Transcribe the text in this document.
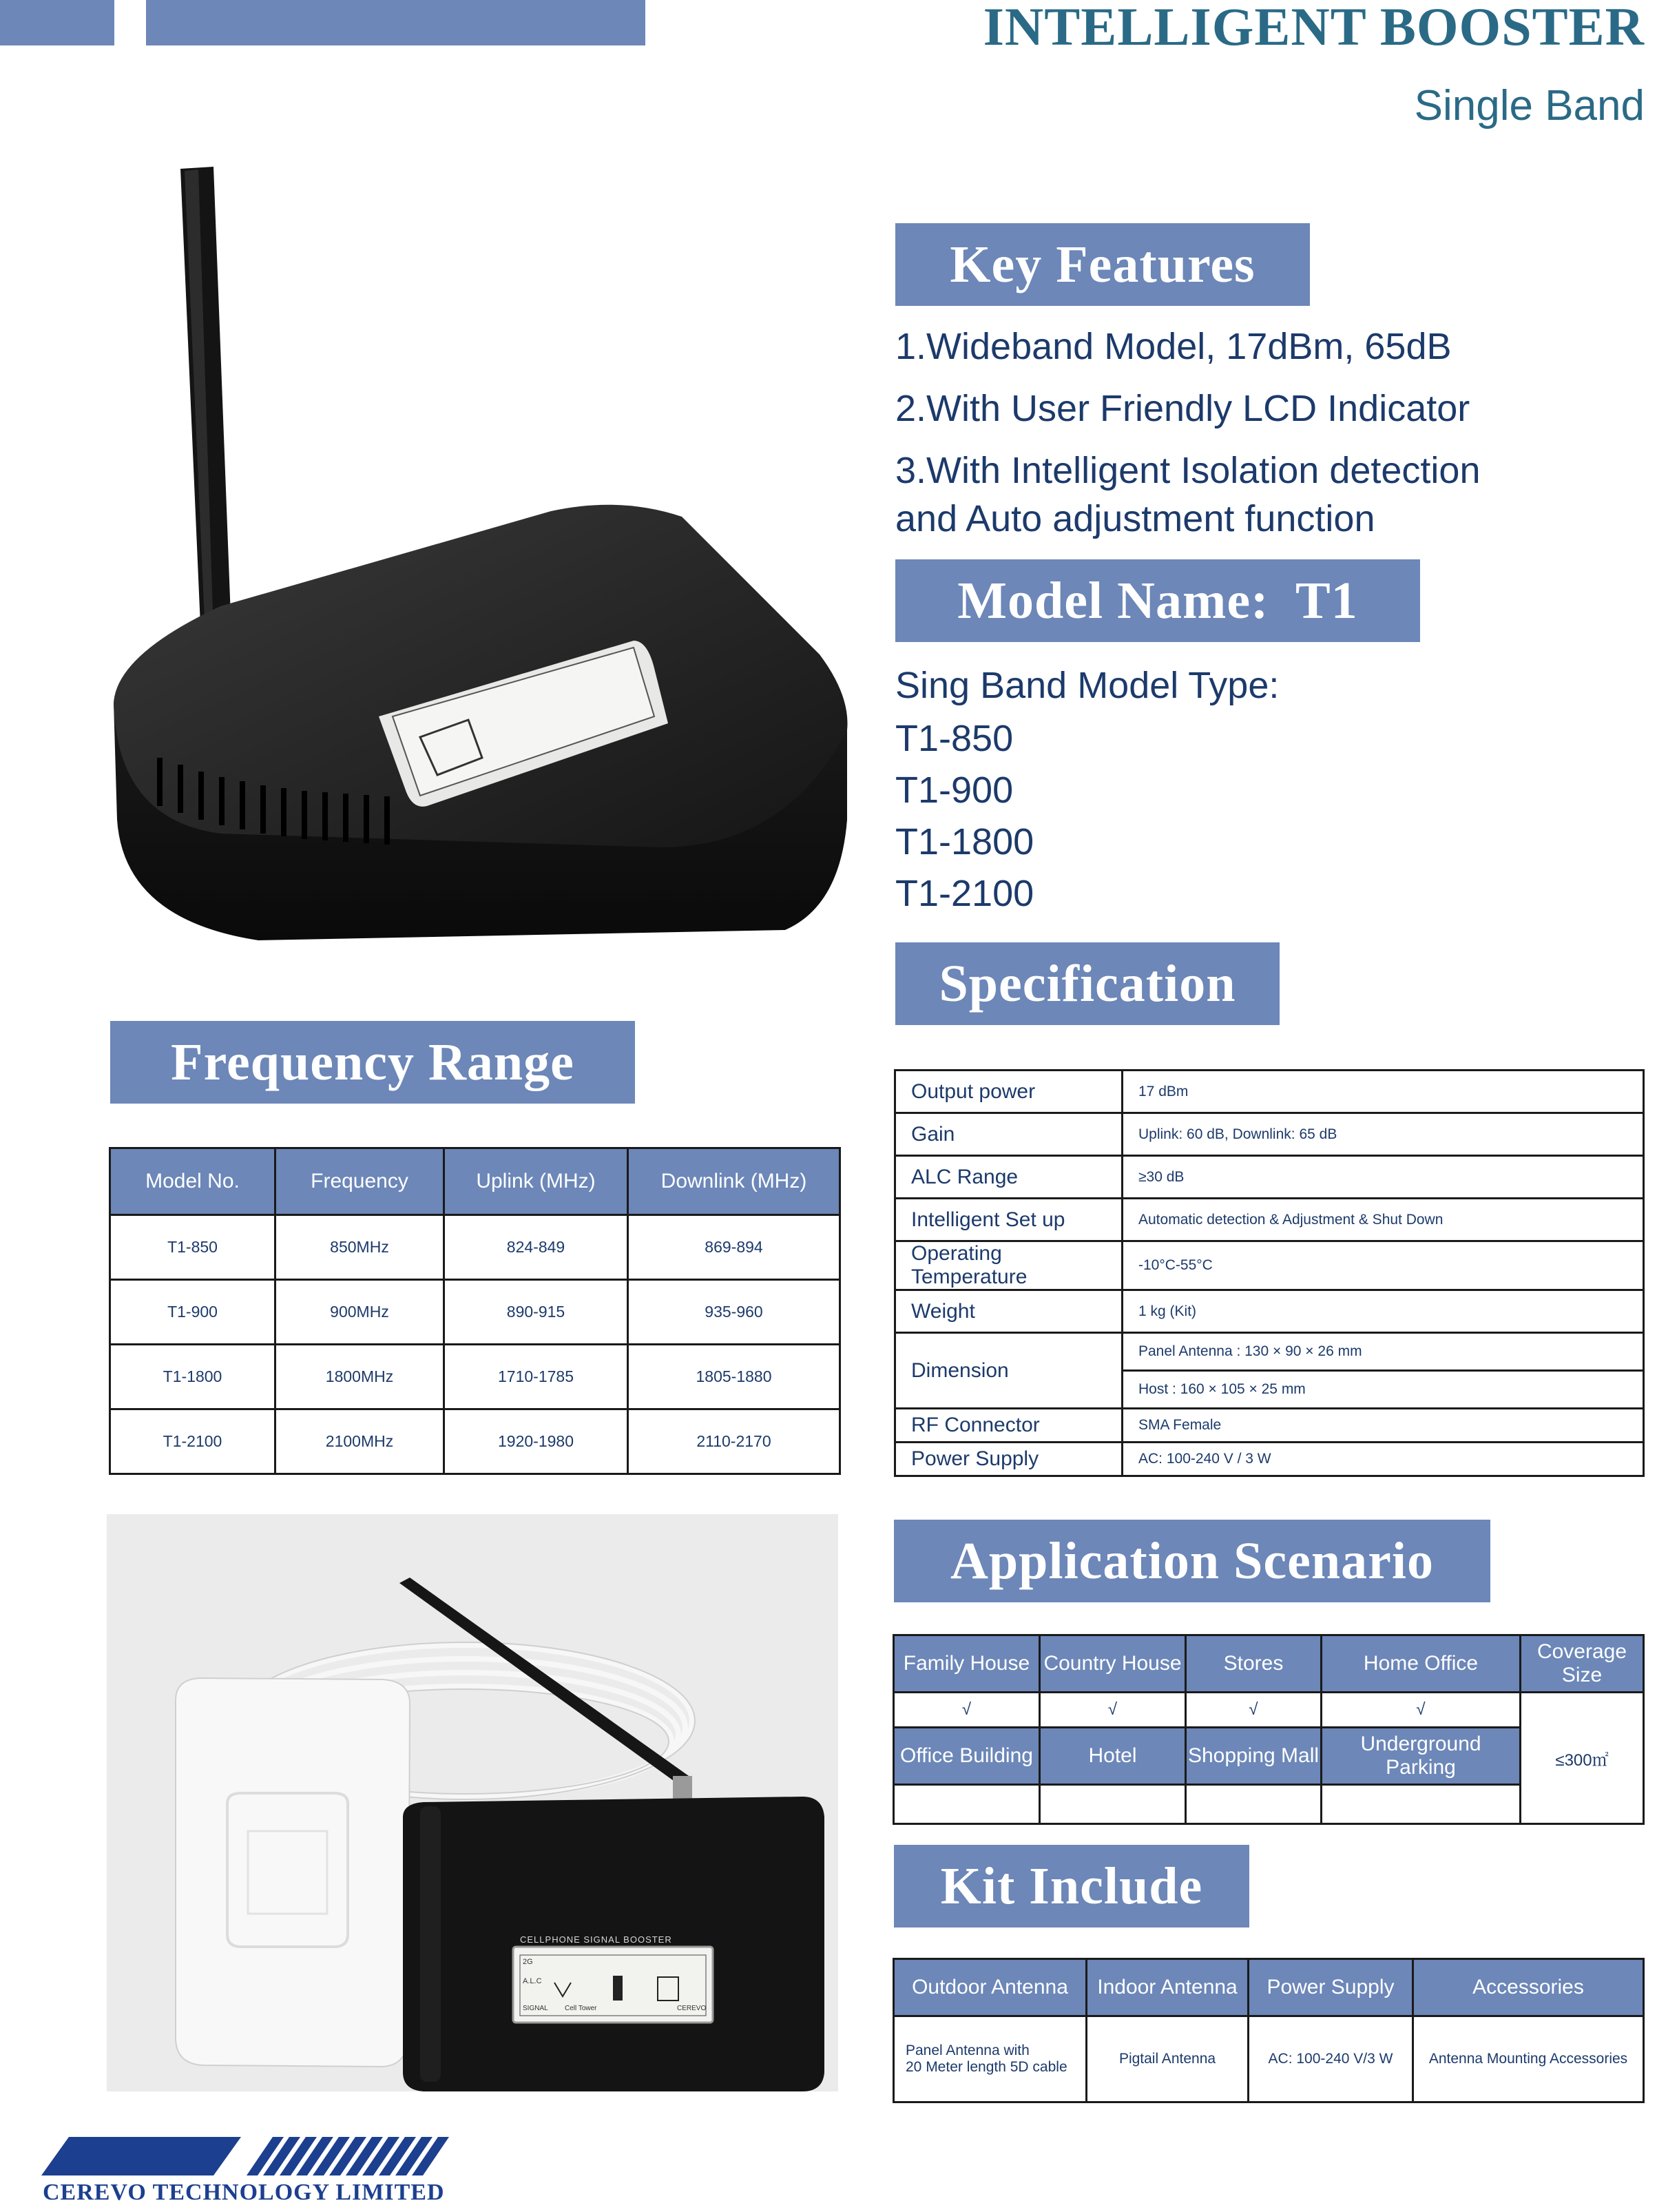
INTELLIGENT BOOSTER
Single Band
Key Features
1.Wideband Model, 17dBm, 65dB
2.With User Friendly LCD Indicator
3.With Intelligent Isolation detection
and Auto adjustment function
Model Name:  T1
Sing Band Model Type:
T1-850
T1-900
T1-1800
T1-2100
Specification
Frequency Range
Model No.	Frequency	Uplink (MHz)	Downlink (MHz)
T1-850	850MHz	824-849	869-894
T1-900	900MHz	890-915	935-960
T1-1800	1800MHz	1710-1785	1805-1880
T1-2100	2100MHz	1920-1980	2110-2170
Output power	17 dBm
Gain	Uplink: 60 dB, Downlink: 65 dB
ALC Range	≥30 dB
Intelligent Set up	Automatic detection & Adjustment & Shut Down
Operating Temperature	-10°C-55°C
Weight	1 kg (Kit)
Dimension	Panel Antenna : 130 × 90 × 26 mm
	Host : 160 × 105 × 25 mm
RF Connector	SMA Female
Power Supply	AC: 100-240 V / 3 W
CELLPHONE SIGNAL BOOSTER
2G
A.L.C
SIGNAL Cell Tower	CEREVO
Application Scenario
Family House	Country House	Stores	Home Office	Coverage Size
√	√	√	√	≤300㎡
Office Building	Hotel	Shopping Mall	Underground Parking	

Kit Include
Outdoor Antenna	Indoor Antenna	Power Supply	Accessories

Panel Antenna with
20 Meter length 5D cable	Pigtail Antenna	AC: 100-240 V/3 W	Antenna Mounting Accessories
CEREVO TECHNOLOGY LIMITED
